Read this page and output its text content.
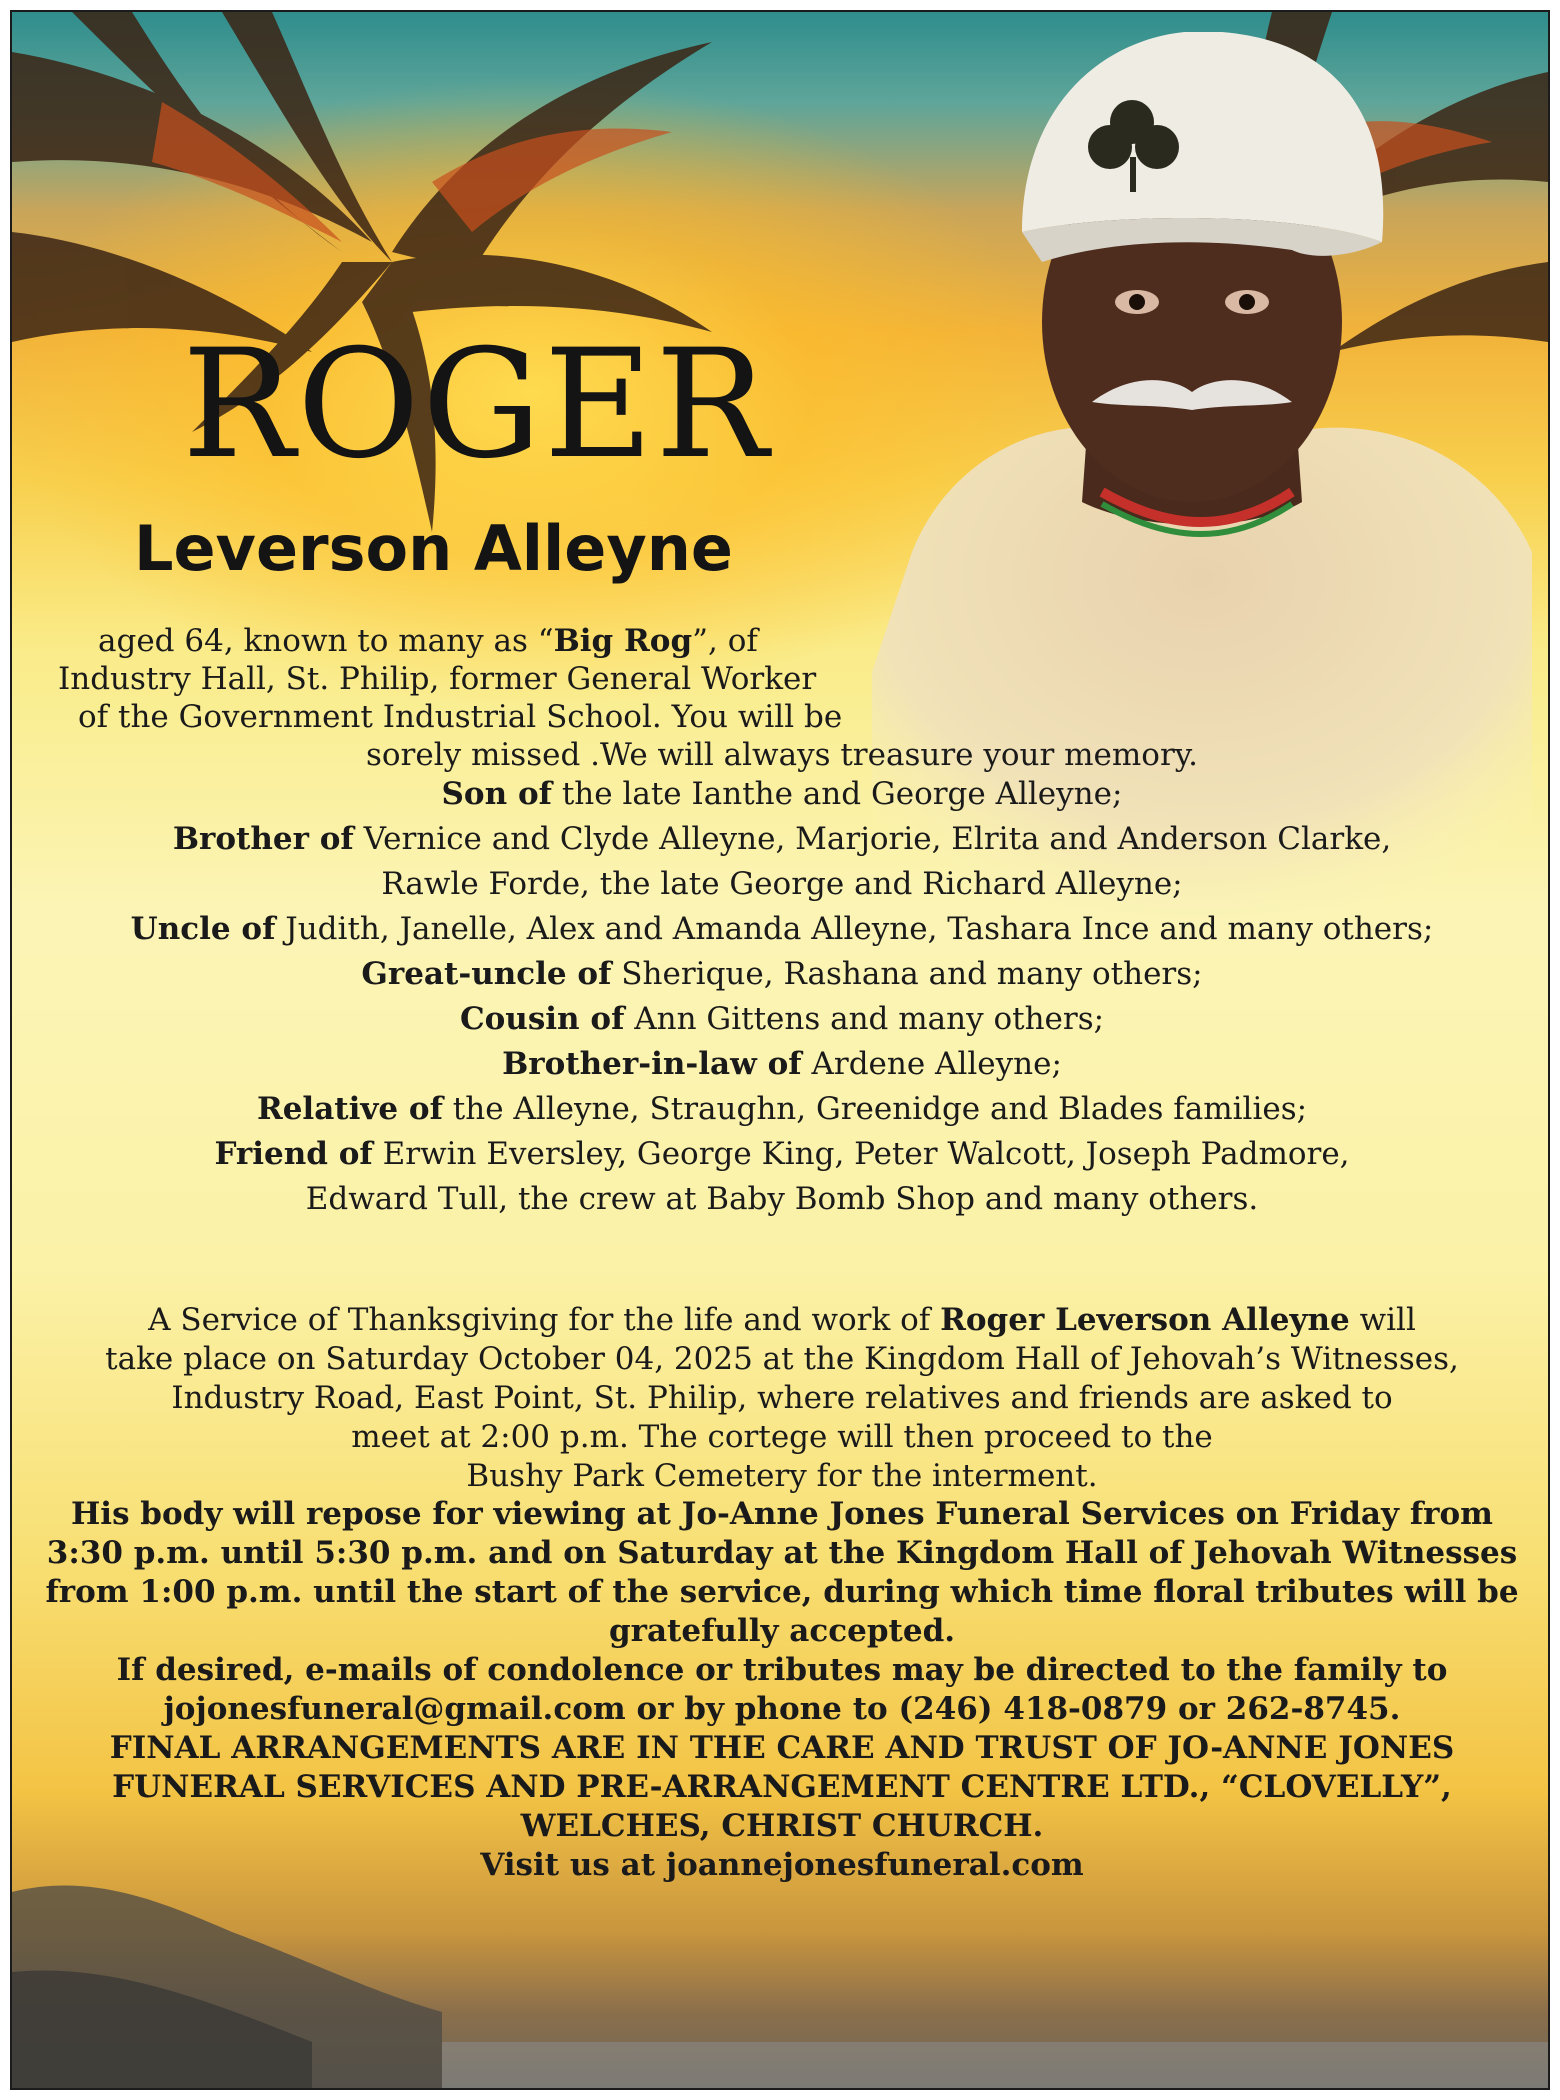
ROGER
Leverson Alleyne
aged 64, known to many as “Big Rog”, of
Industry Hall, St. Philip, former General Worker
of the Government Industrial School. You will be
sorely missed .We will always treasure your memory.
Son of the late Ianthe and George Alleyne;
Brother of Vernice and Clyde Alleyne, Marjorie, Elrita and Anderson Clarke,
Rawle Forde, the late George and Richard Alleyne;
Uncle of Judith, Janelle, Alex and Amanda Alleyne, Tashara Ince and many others;
Great-uncle of Sherique, Rashana and many others;
Cousin of Ann Gittens and many others;
Brother-in-law of Ardene Alleyne;
Relative of the Alleyne, Straughn, Greenidge and Blades families;
Friend of Erwin Eversley, George King, Peter Walcott, Joseph Padmore,
Edward Tull, the crew at Baby Bomb Shop and many others.
A Service of Thanksgiving for the life and work of Roger Leverson Alleyne will
take place on Saturday October 04, 2025 at the Kingdom Hall of Jehovah’s Witnesses,
Industry Road, East Point, St. Philip, where relatives and friends are asked to
meet at 2:00 p.m. The cortege will then proceed to the
Bushy Park Cemetery for the interment.
His body will repose for viewing at Jo-Anne Jones Funeral Services on Friday from
3:30 p.m. until 5:30 p.m. and on Saturday at the Kingdom Hall of Jehovah Witnesses
from 1:00 p.m. until the start of the service, during which time floral tributes will be
gratefully accepted.
If desired, e-mails of condolence or tributes may be directed to the family to
jojonesfuneral@gmail.com or by phone to (246) 418-0879 or 262-8745.
FINAL ARRANGEMENTS ARE IN THE CARE AND TRUST OF JO-ANNE JONES
FUNERAL SERVICES AND PRE-ARRANGEMENT CENTRE LTD., “CLOVELLY”,
WELCHES, CHRIST CHURCH.
Visit us at joannejonesfuneral.com
